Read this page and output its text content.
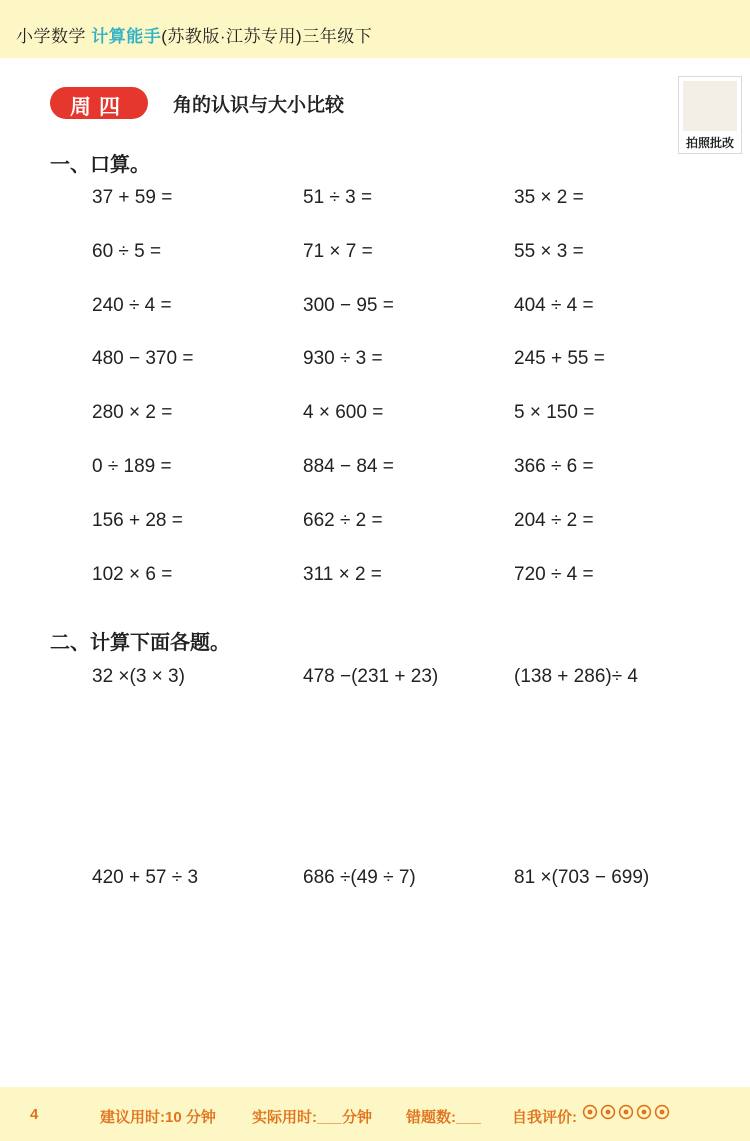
小学数学 计算能手(苏教版·江苏专用)三年级下
拍照批改
周四	角的认识与大小比较
一、口算。
37 + 59 =	51 ÷ 3 =	35 × 2 =
60 ÷ 5 =	71 × 7 =	55 × 3 =
240 ÷ 4 =	300 − 95 =	404 ÷ 4 =
480 − 370 =	930 ÷ 3 =	245 + 55 =
280 × 2 =	4 × 600 =	5 × 150 =
0 ÷ 189 =	884 − 84 =	366 ÷ 6 =
156 + 28 =	662 ÷ 2 =	204 ÷ 2 =
102 × 6 =	311 × 2 =	720 ÷ 4 =
二、计算下面各题。
32 ×(3 × 3)	478 −(231 + 23)	(138 + 286)÷ 4
420 + 57 ÷ 3	686 ÷(49 ÷ 7)	81 ×(703 − 699)
4	建议用时:10 分钟 实际用时:___分钟 错题数:___ 自我评价:
